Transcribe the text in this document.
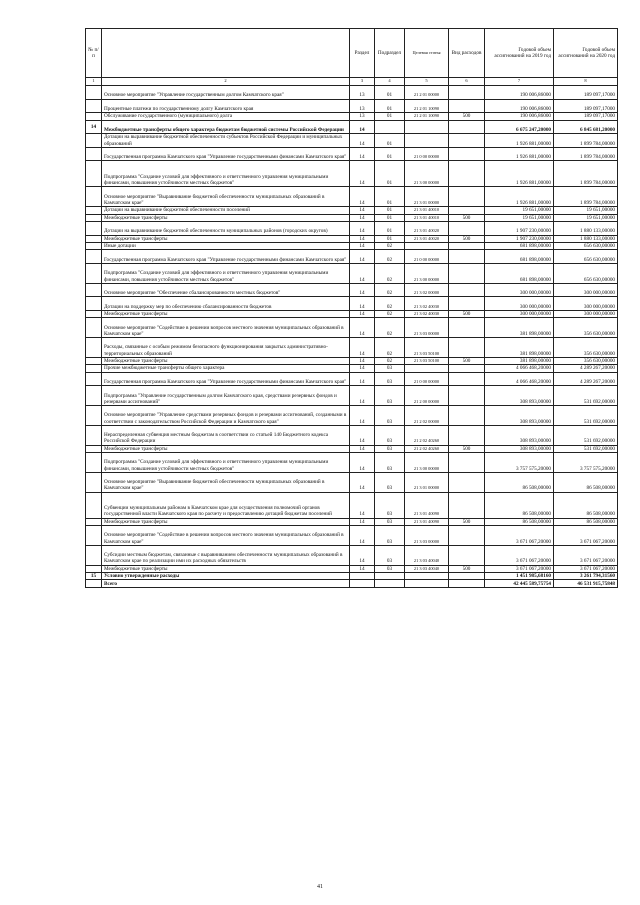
№ п/п		Раздел	Подраздел	Целевая статья	Вид расходов	Годовой объем ассигнований на 2019 год	Годовой объем ассигнований на 2020 год
1	2	3	4	5	6	7	8
	Основное мероприятие "Управление государственным долгом Камчатского края"	13	01	21 2 01 00000		190 006,86000	189 097,17000
	Процентные платежи по государственному долгу Камчатского края	13	01	21 2 01 10090		190 006,86000	189 097,17000
	Обслуживание государственного (муниципального) долга	13	01	21 2 01 10090	500	190 006,86000	189 097,17000
14	Межбюджетные трансферты общего характера бюджетам бюджетной системы Российской Федерации	14				6 675 247,20000	6 845 681,20000
	Дотации на выравнивание бюджетной обеспеченности субъектов Российской Федерации и муниципальных образований	14	01			1 926 881,00000	1 899 784,00000
	Государственная программа Камчатского края "Управление государственными финансами Камчатского края"	14	01	21 0 00 00000		1 926 881,00000	1 899 784,00000
	Подпрограмма "Создание условий для эффективного и ответственного управления муниципальными финансами, повышения устойчивости местных бюджетов"	14	01	21 3 00 00000		1 926 881,00000	1 899 784,00000
	Основное мероприятие "Выравнивание бюджетной обеспеченности муниципальных образований в Камчатском крае"	14	01	21 3 01 00000		1 926 881,00000	1 899 784,00000
	Дотации на выравнивание бюджетной обеспеченности поселений	14	01	21 3 01 40010		19 651,00000	19 651,00000
	Межбюджетные трансферты	14	01	21 3 01 40010	500	19 651,00000	19 651,00000
	Дотации на выравнивание бюджетной обеспеченности муниципальных районов (городских округов)	14	01	21 3 01 40020		1 907 230,00000	1 880 133,00000
	Межбюджетные трансферты	14	01	21 3 01 40020	500	1 907 230,00000	1 880 133,00000
	Иные дотации	14	02			681 898,00000	656 630,00000
	Государственная программа Камчатского края "Управление государственными финансами Камчатского края"	14	02	21 0 00 00000		681 898,00000	656 630,00000
	Подпрограмма "Создание условий для эффективного и ответственного управления муниципальными финансами, повышения устойчивости местных бюджетов"	14	02	21 3 00 00000		681 898,00000	656 630,00000
	Основное мероприятие "Обеспечение сбалансированности местных бюджетов"	14	02	21 3 02 00000		300 000,00000	300 000,00000
	Дотации на поддержку мер по обеспечению сбалансированности бюджетов	14	02	21 3 02 40030		300 000,00000	300 000,00000
	Межбюджетные трансферты	14	02	21 3 02 40030	500	300 000,00000	300 000,00000
	Основное мероприятие "Содействие в решении вопросов местного значения муниципальных образований в Камчатском крае"	14	02	21 3 03 00000		381 898,00000	356 630,00000
	Расходы, связанные с особым режимом безопасного функционирования закрытых административно-территориальных образований	14	02	21 3 03 50100		381 898,00000	356 630,00000
	Межбюджетные трансферты	14	02	21 3 03 50100	500	381 898,00000	356 630,00000
	Прочие межбюджетные трансферты общего характера	14	03			4 066 468,20000	4 289 267,20000
	Государственная программа Камчатского края "Управление государственными финансами Камчатского края"	14	03	21 0 00 00000		4 066 468,20000	4 289 267,20000
	Подпрограмма "Управление государственным долгом Камчатского края, средствами резервных фондов и резервами ассигнований"	14	03	21 2 00 00000		308 893,00000	531 692,00000
	Основное мероприятие "Управление средствами резервных фондов и резервами ассигнований, созданными в соответствии с законодательством Российской Федерации и Камчатского края"	14	03	21 2 02 00000		308 893,00000	531 692,00000
	Нераспределенная субвенция местным бюджетам в соответствии со статьей 140 Бюджетного кодекса Российской Федерации	14	03	21 2 02 40260		308 893,00000	531 692,00000
	Межбюджетные трансферты	14	03	21 2 02 40260	500	308 893,00000	531 692,00000
	Подпрограмма "Создание условий для эффективного и ответственного управления муниципальными финансами, повышения устойчивости местных бюджетов"	14	03	21 3 00 00000		3 757 575,20000	3 757 575,20000
	Основное мероприятие "Выравнивание бюджетной обеспеченности муниципальных образований в Камчатском крае"	14	03	21 3 01 00000		86 508,00000	86 508,00000
	Субвенции муниципальным районам в Камчатском крае для осуществления полномочий органов государственной власти Камчатского края по расчету и предоставлению дотаций бюджетам поселений	14	03	21 3 01 40090		86 508,00000	86 508,00000
	Межбюджетные трансферты	14	03	21 3 01 40090	500	86 508,00000	86 508,00000
	Основное мероприятие "Содействие в решении вопросов местного значения муниципальных образований в Камчатском крае"	14	03	21 3 03 00000		3 671 067,20000	3 671 067,20000
	Субсидии местным бюджетам, связанные с выравниванием обеспеченности муниципальных образований в Камчатском крае по реализации ими их расходных обязательств	14	03	21 3 03 40040		3 671 067,20000	3 671 067,20000
	Межбюджетные трансферты	14	03	21 3 03 40040	500	3 671 067,20000	3 671 067,20000
15	Условно утвержденные расходы					1 451 985,68160	3 261 794,31560
	Всего					42 445 589,75754	46 531 915,75848
41
